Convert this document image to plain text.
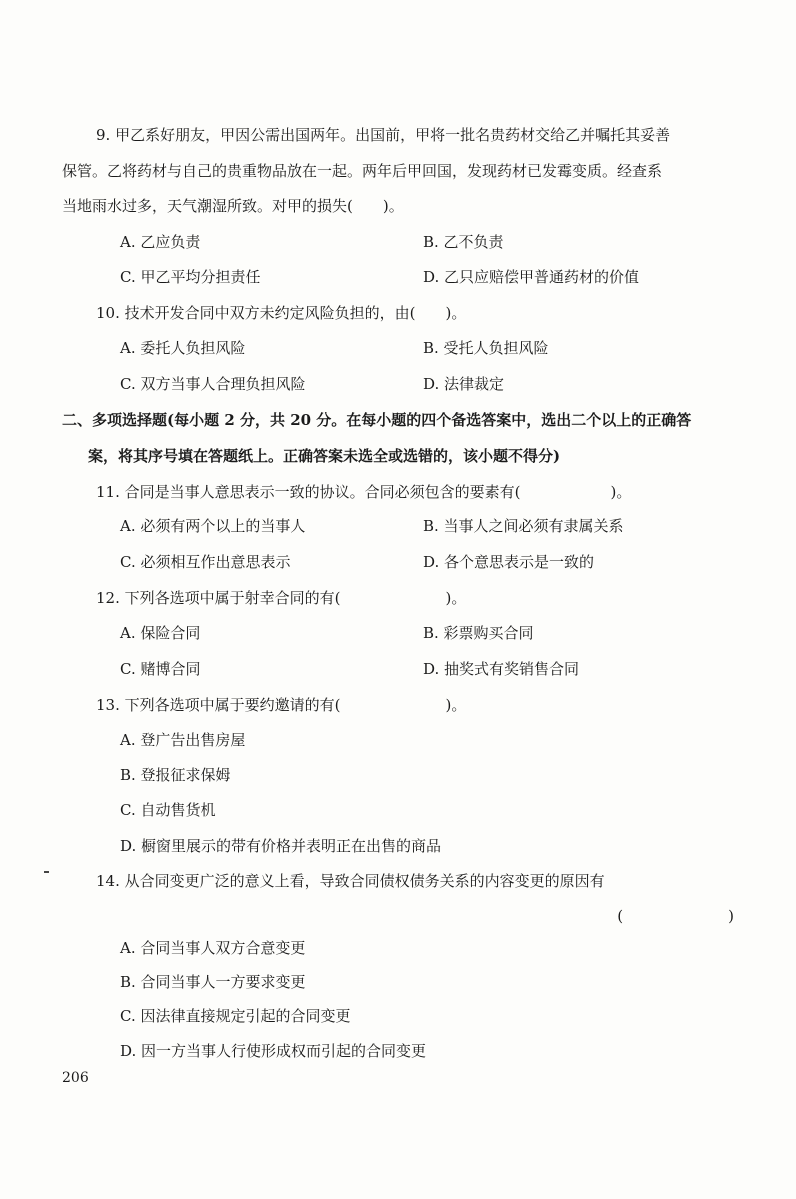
9. 甲乙系好朋友，甲因公需出国两年。出国前，甲将一批名贵药材交给乙并嘱托其妥善
保管。乙将药材与自己的贵重物品放在一起。两年后甲回国，发现药材已发霉变质。经查系
当地雨水过多，天气潮湿所致。对甲的损失(　　)。
A. 乙应负责	B. 乙不负责
C. 甲乙平均分担责任	D. 乙只应赔偿甲普通药材的价值
10. 技术开发合同中双方未约定风险负担的，由(　　)。
A. 委托人负担风险	B. 受托人负担风险
C. 双方当事人合理负担风险	D. 法律裁定
二、多项选择题(每小题 2 分，共 20 分。在每小题的四个备选答案中，选出二个以上的正确答
案，将其序号填在答题纸上。正确答案未选全或选错的，该小题不得分)
11. 合同是当事人意思表示一致的协议。合同必须包含的要素有(　　　　　　)。
A. 必须有两个以上的当事人	B. 当事人之间必须有隶属关系
C. 必须相互作出意思表示	D. 各个意思表示是一致的
12. 下列各选项中属于射幸合同的有(　　　　　　　)。
A. 保险合同	B. 彩票购买合同
C. 赌博合同	D. 抽奖式有奖销售合同
13. 下列各选项中属于要约邀请的有(　　　　　　　)。
A. 登广告出售房屋
B. 登报征求保姆
C. 自动售货机
D. 橱窗里展示的带有价格并表明正在出售的商品
14. 从合同变更广泛的意义上看，导致合同债权债务关系的内容变更的原因有
(　　　　　　　)
A. 合同当事人双方合意变更
B. 合同当事人一方要求变更
C. 因法律直接规定引起的合同变更
D. 因一方当事人行使形成权而引起的合同变更
206
